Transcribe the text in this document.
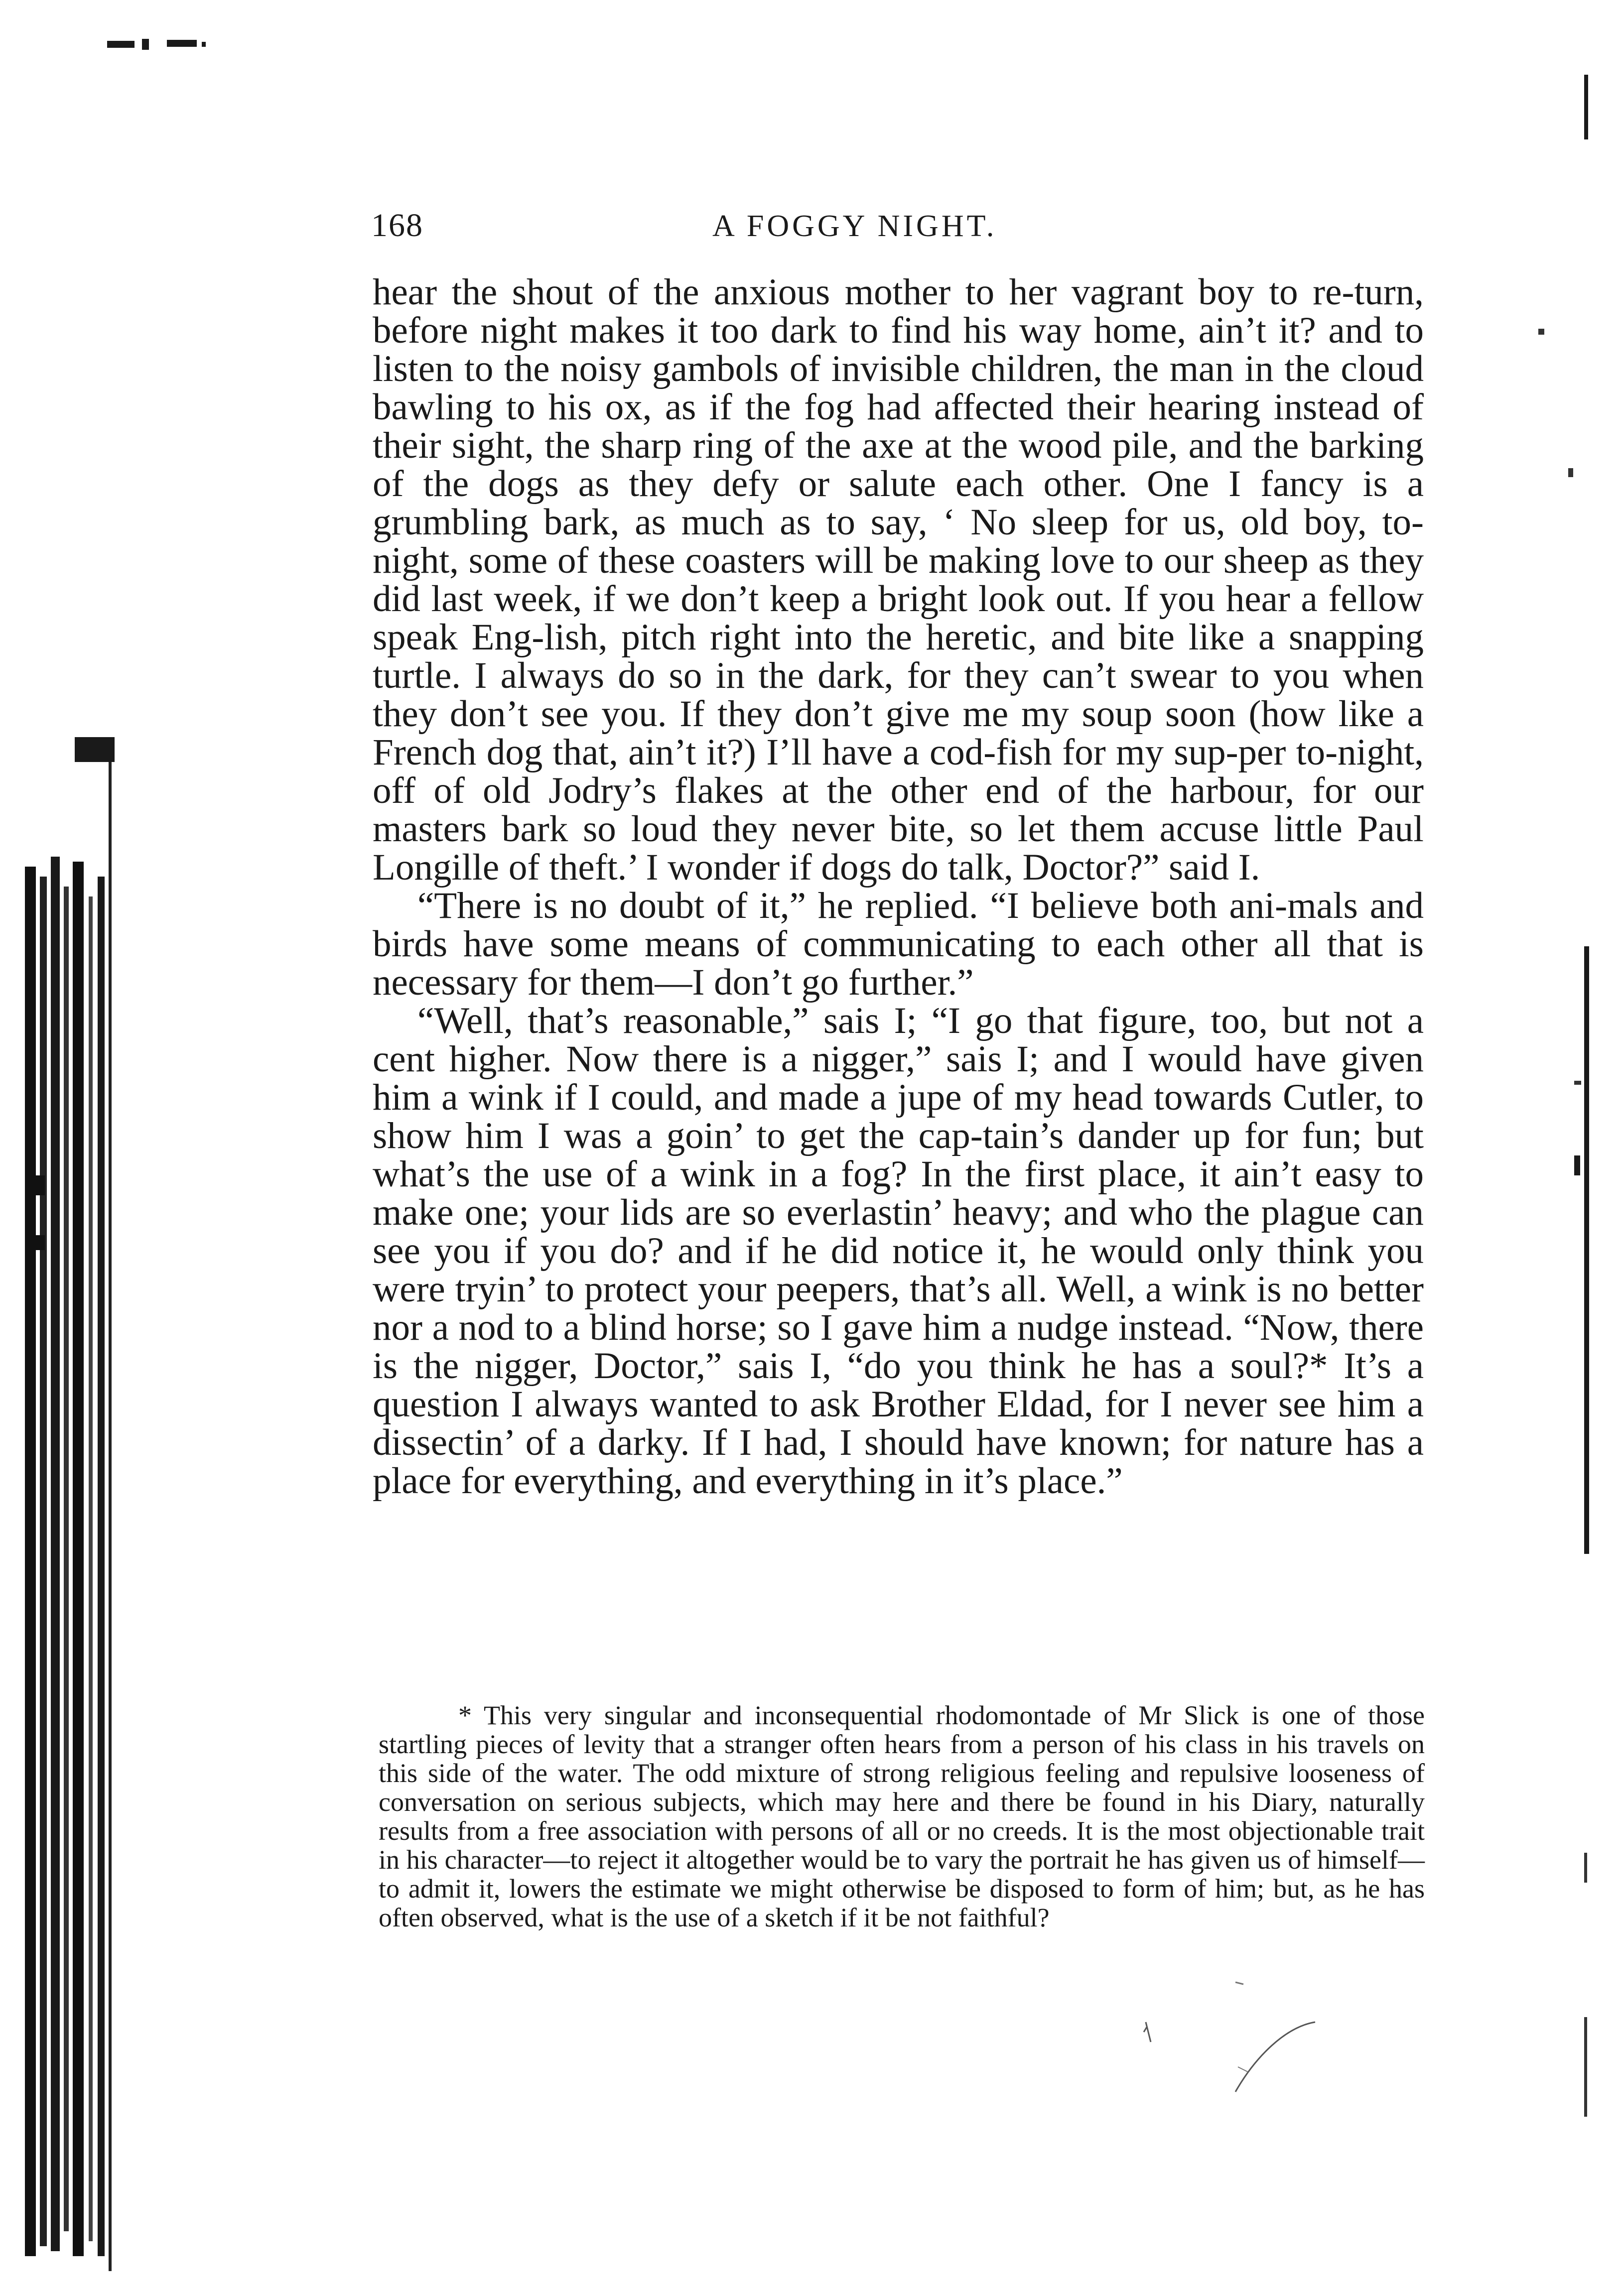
168	A FOGGY NIGHT.

hear the shout of the anxious mother to her vagrant boy to re-turn, before night makes it too dark to find his way home, ain’t it? and to listen to the noisy gambols of invisible children, the man in the cloud bawling to his ox, as if the fog had affected their hearing instead of their sight, the sharp ring of the axe at the wood pile, and the barking of the dogs as they defy or salute each other. One I fancy is a grumbling bark, as much as to say, ‘ No sleep for us, old boy, to-night, some of these coasters will be making love to our sheep as they did last week, if we don’t keep a bright look out. If you hear a fellow speak Eng-lish, pitch right into the heretic, and bite like a snapping turtle. I always do so in the dark, for they can’t swear to you when they don’t see you. If they don’t give me my soup soon (how like a French dog that, ain’t it?) I’ll have a cod-fish for my sup-per to-night, off of old Jodry’s flakes at the other end of the harbour, for our masters bark so loud they never bite, so let them accuse little Paul Longille of theft.’ I wonder if dogs do talk, Doctor?” said I.

“There is no doubt of it,” he replied. “I believe both ani-mals and birds have some means of communicating to each other all that is necessary for them—I don’t go further.”

“Well, that’s reasonable,” sais I; “I go that figure, too, but not a cent higher. Now there is a nigger,” sais I; and I would have given him a wink if I could, and made a jupe of my head towards Cutler, to show him I was a goin’ to get the cap-tain’s dander up for fun; but what’s the use of a wink in a fog? In the first place, it ain’t easy to make one; your lids are so everlastin’ heavy; and who the plague can see you if you do? and if he did notice it, he would only think you were tryin’ to protect your peepers, that’s all. Well, a wink is no better nor a nod to a blind horse; so I gave him a nudge instead. “Now, there is the nigger, Doctor,” sais I, “do you think he has a soul?* It’s a question I always wanted to ask Brother Eldad, for I never see him a dissectin’ of a darky. If I had, I should have known; for nature has a place for everything, and everything in it’s place.”

* This very singular and inconsequential rhodomontade of Mr Slick is one of those startling pieces of levity that a stranger often hears from a person of his class in his travels on this side of the water. The odd mixture of strong religious feeling and repulsive looseness of conversation on serious subjects, which may here and there be found in his Diary, naturally results from a free association with persons of all or no creeds. It is the most objectionable trait in his character—to reject it altogether would be to vary the portrait he has given us of himself—to admit it, lowers the estimate we might otherwise be disposed to form of him; but, as he has often observed, what is the use of a sketch if it be not faithful?
